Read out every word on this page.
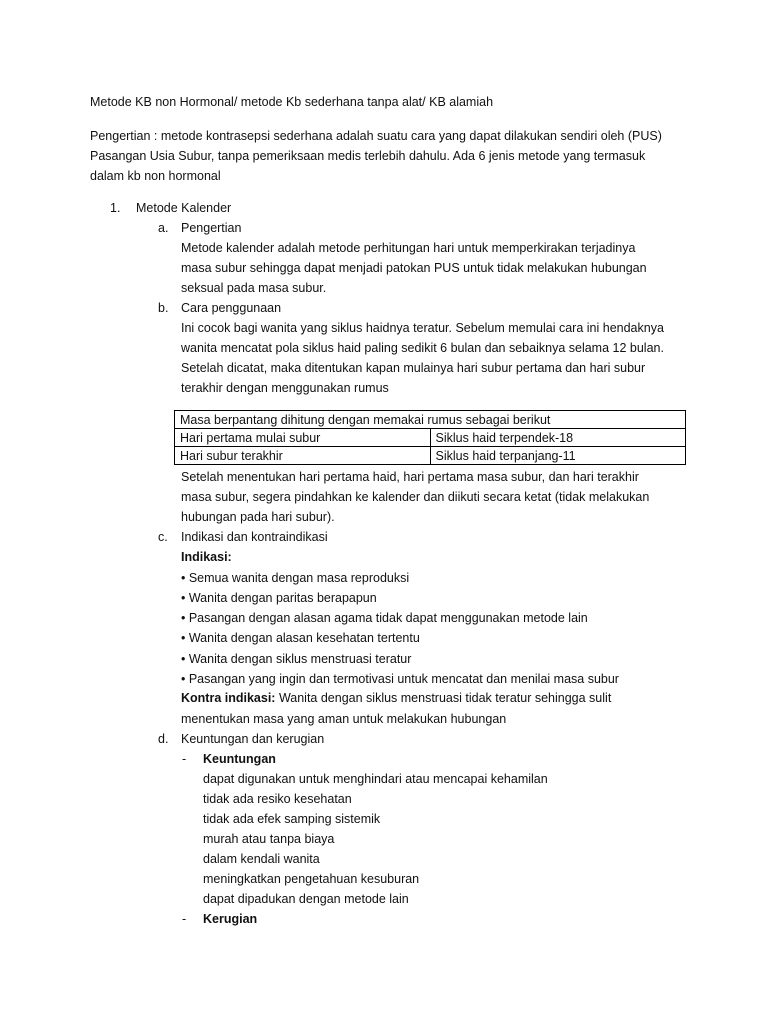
Metode KB non Hormonal/ metode Kb sederhana tanpa alat/ KB alamiah
Pengertian : metode kontrasepsi sederhana adalah suatu cara yang dapat dilakukan sendiri oleh (PUS)
Pasangan Usia Subur, tanpa pemeriksaan medis terlebih dahulu. Ada 6 jenis metode yang termasuk
dalam kb non hormonal
1. Metode Kalender
a. Pengertian
Metode kalender adalah metode perhitungan hari untuk memperkirakan terjadinya
masa subur sehingga dapat menjadi patokan PUS untuk tidak melakukan hubungan
seksual pada masa subur.
b. Cara penggunaan
Ini cocok bagi wanita yang siklus haidnya teratur. Sebelum memulai cara ini hendaknya
wanita mencatat pola siklus haid paling sedikit 6 bulan dan sebaiknya selama 12 bulan.
Setelah dicatat, maka ditentukan kapan mulainya hari subur pertama dan hari subur
terakhir dengan menggunakan rumus
Masa berpantang dihitung dengan memakai rumus sebagai berikut	
Hari pertama mulai subur	Siklus haid terpendek-18
Hari subur terakhir	Siklus haid terpanjang-11
Setelah menentukan hari pertama haid, hari pertama masa subur, dan hari terakhir
masa subur, segera pindahkan ke kalender dan diikuti secara ketat (tidak melakukan
hubungan pada hari subur).
c. Indikasi dan kontraindikasi
Indikasi:
• Semua wanita dengan masa reproduksi
• Wanita dengan paritas berapapun
• Pasangan dengan alasan agama tidak dapat menggunakan metode lain
• Wanita dengan alasan kesehatan tertentu
• Wanita dengan siklus menstruasi teratur
• Pasangan yang ingin dan termotivasi untuk mencatat dan menilai masa subur
Kontra indikasi: Wanita dengan siklus menstruasi tidak teratur sehingga sulit
menentukan masa yang aman untuk melakukan hubungan
d. Keuntungan dan kerugian
- Keuntungan
dapat digunakan untuk menghindari atau mencapai kehamilan
tidak ada resiko kesehatan
tidak ada efek samping sistemik
murah atau tanpa biaya
dalam kendali wanita
meningkatkan pengetahuan kesuburan
dapat dipadukan dengan metode lain
- Kerugian
